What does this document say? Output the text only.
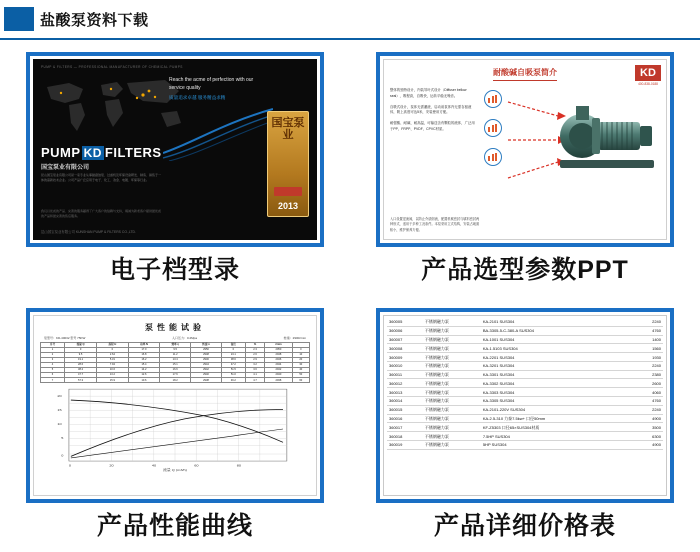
盐酸泵资料下载
PUMP & FILTERS — PROFESSIONAL MANUFACTURER OF CHEMICAL PUMPS
PUMP KD FILTERS
国宝泵业有限公司
昆山国宝泵业有限公司是一家专业从事耐腐蚀泵、过滤机及环保设备研发、制造、销售于一体的高新技术企业。公司产品广泛应用于电子、化工、冶金、电镀、环保等行业。
我们以优质的产品、完善的服务赢得了广大客户的信赖与支持，竭诚为新老客户提供最优质的产品和最完善的售后服务。
昆山国宝泵业有限公司 KUNSHAN PUMP & FILTERS CO.,LTD.
Reach the acme of perfection with our service quality
质量追求卓越 服务精益求精
国宝泵业
2013
电子档型录
耐酸碱自吸泵简介	KD
400-838-0188

整体的独特设计，内装导叶式设计（Diffuser bellow seal），吸程高，自吸快，运转平稳无噪音。

自吸式设计，泵体无需灌液，启动前泵体内无需存留液体，吸上高度可达5米，安装使用方便。

耐强酸、耐碱、耐高温，可输送含有颗粒的液体，广泛用于PP、FRPP、PVDF、CPVC材质。

入口设置逆流阀，以防止介质倒流，配置机械密封与填料密封两种形式，适用于多种工况条件。本泵采用立式结构，安装占地面积小，维护保养方便。
产品选型参数PPT
泵性能试验
泵型号：KD-40032 型号 75KW	入口压力：0.2Mpa	转速：2900r/min
序号	流量 Q	扬程 H	功率 N	效率 η	转速 n	备注	%	r/min	
1	0	0	17.0	9.5	2950	0	2.3	2950	0
2	9.5	2.64	16.8	11.2	2948	24.1	2.6	2948	10
3	19.1	5.31	16.2	13.4	2946	38.6	2.9	2946	20
4	28.6	7.94	15.4	15.1	2944	47.2	3.2	2944	30
5	38.2	10.6	14.2	16.6	2942	51.5	3.6	2942	40
6	47.7	13.2	12.6	17.6	2940	51.0	4.1	2940	50
7	57.3	15.9	10.6	18.2	2938	46.2	4.7	2938	60
20
15
10
5
0
0	20	40	60	80
流量 Q (m3/h)
产品性能曲线
360005	不锈钢磁力泵	KA-2101 SUS304	2240
360006	不锈钢磁力泵	BA-3305-5-C-380-A SUS304	4760
360007	不锈钢磁力泵	KA-1001 SUS304	1400
360008	不锈钢磁力泵	KA-1.5103 SUS304	1560
360009	不锈钢磁力泵	KA-2201 SUS304	1930
360010	不锈钢磁力泵	KA-3201 SUS304	2240
360011	不锈钢磁力泵	KA-3301 SUS304	2380
360012	不锈钢磁力泵	KA-3302 SUS304	2600
360013	不锈钢磁力泵	KA-3303 SUS304	4060
360014	不锈钢磁力泵	KA-3305 SUS304	4760
360015	不锈钢磁力泵	KA-2101-220V SUS304	2240
360016	不锈钢磁力泵	KA-2.5-310 力泰7.5kw+ 口径50mm	4900
360017	不锈钢磁力泵	KF-Z5303 口径65×SUS304材质	3500
360018	不锈钢磁力泵	7.5HP SUS304	6300
360019	不锈钢磁力泵	5HP SUS304	4900
产品详细价格表
